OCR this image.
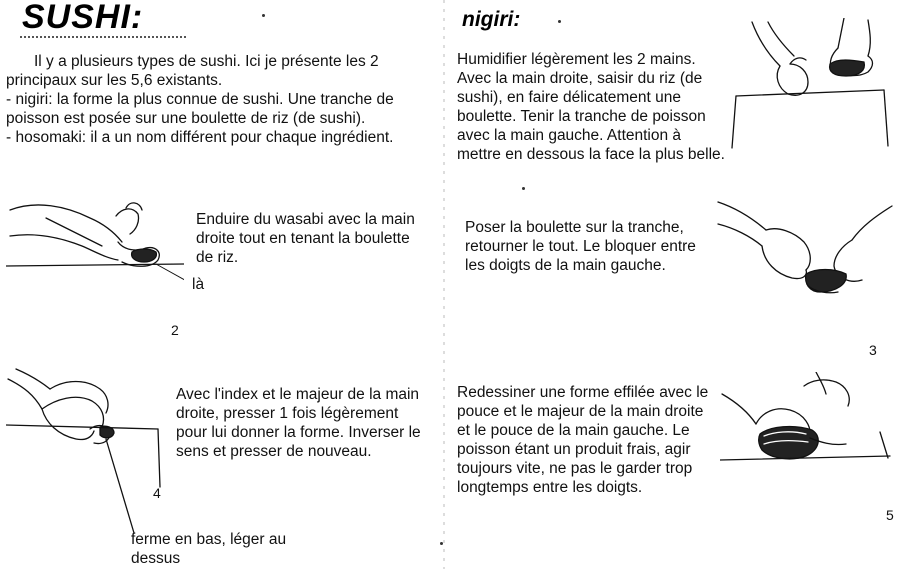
SUSHI:

Il y a plusieurs types de sushi. Ici je présente les 2 principaux sur les 5,6 existants.

- nigiri: la forme la plus connue de sushi. Une tranche de poisson est posée sur une boulette de riz (de sushi).

- hosomaki: il a un nom différent pour chaque ingrédient.

Enduire du wasabi avec la main droite tout en tenant la boulette de riz.
là
2
Avec l'index et le majeur de la main droite, presser 1 fois légèrement pour lui donner la forme. Inverser le sens et presser de nouveau.
4
ferme en bas, léger au dessus
nigiri:
Humidifier légèrement les 2 mains. Avec la main droite, saisir du riz (de sushi), en faire délicatement une boulette. Tenir la tranche de poisson avec la main gauche. Attention à mettre en dessous la face la plus belle.
Poser la boulette sur la tranche, retourner le tout. Le bloquer entre les doigts de la main gauche.
3
Redessiner une forme effilée avec le pouce et le majeur de la main droite et le pouce de la main gauche. Le poisson étant un produit frais, agir toujours vite, ne pas le garder trop longtemps entre les doigts.
5
